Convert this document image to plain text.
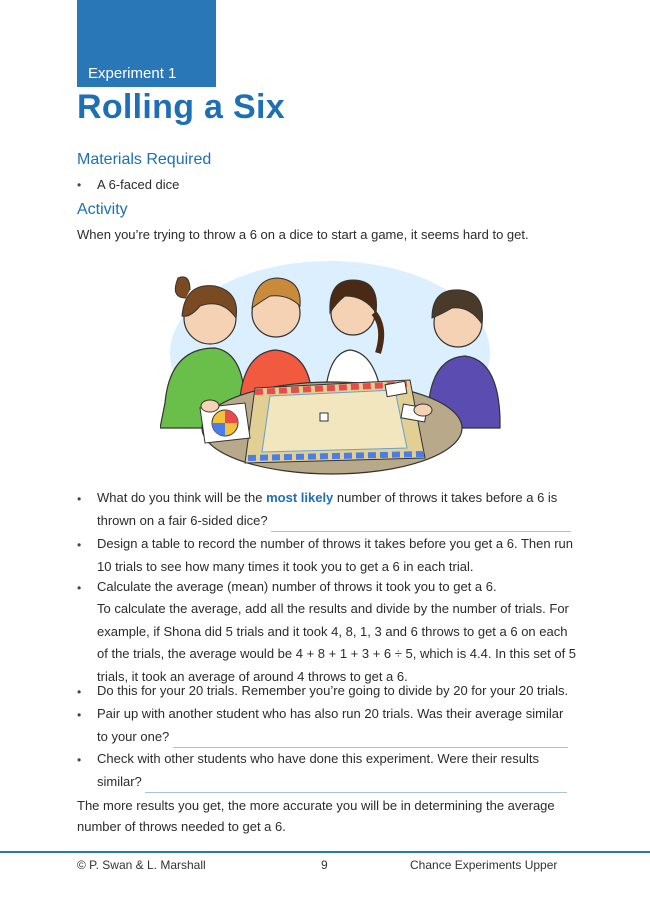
Experiment 1
Rolling a Six
Materials Required
• A 6-faced dice

Activity

When you’re trying to throw a 6 on a dice to start a game, it seems hard to get.

• What do you think will be the most likely number of throws it takes before a 6 is
thrown on a fair 6-sided dice?

• Design a table to record the number of throws it takes before you get a 6. Then run 10 trials to see how many times it took you to get a 6 in each trial.

• Calculate the average (mean) number of throws it took you to get a 6.

To calculate the average, add all the results and divide by the number of trials. For example, if Shona did 5 trials and it took 4, 8, 1, 3 and 6 throws to get a 6 on each of the trials, the average would be 4 + 8 + 1 + 3 + 6 ÷ 5, which is 4.4. In this set of 5 trials, it took an average of around 4 throws to get a 6.

• Do this for your 20 trials. Remember you’re going to divide by 20 for your 20 trials.

• Pair up with another student who has also run 20 trials. Was their average similar
to your one?

• Check with other students who have done this experiment. Were their results
similar?

The more results you get, the more accurate you will be in determining the average
number of throws needed to get a 6.

© P. Swan & L. Marshall	9	Chance Experiments Upper
